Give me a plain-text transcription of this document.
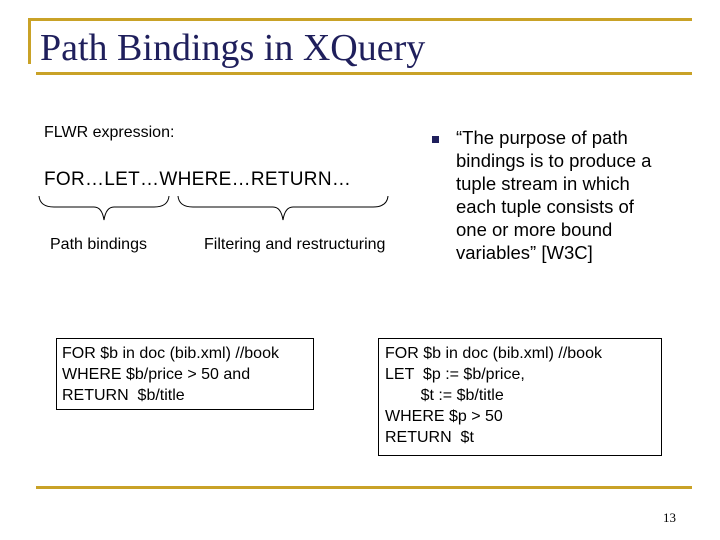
Path Bindings in XQuery
FLWR expression:
FOR…LET…WHERE…RETURN…
Path bindings	Filtering and restructuring
“The purpose of path
bindings is to produce a
tuple stream in which
each tuple consists of
one or more bound
variables” [W3C]
FOR $b in doc (bib.xml) //book
WHERE $b/price > 50 and
RETURN  $b/title
FOR $b in doc (bib.xml) //book
LET  $p := $b/price,
$t := $b/title
WHERE $p > 50
RETURN  $t
13
